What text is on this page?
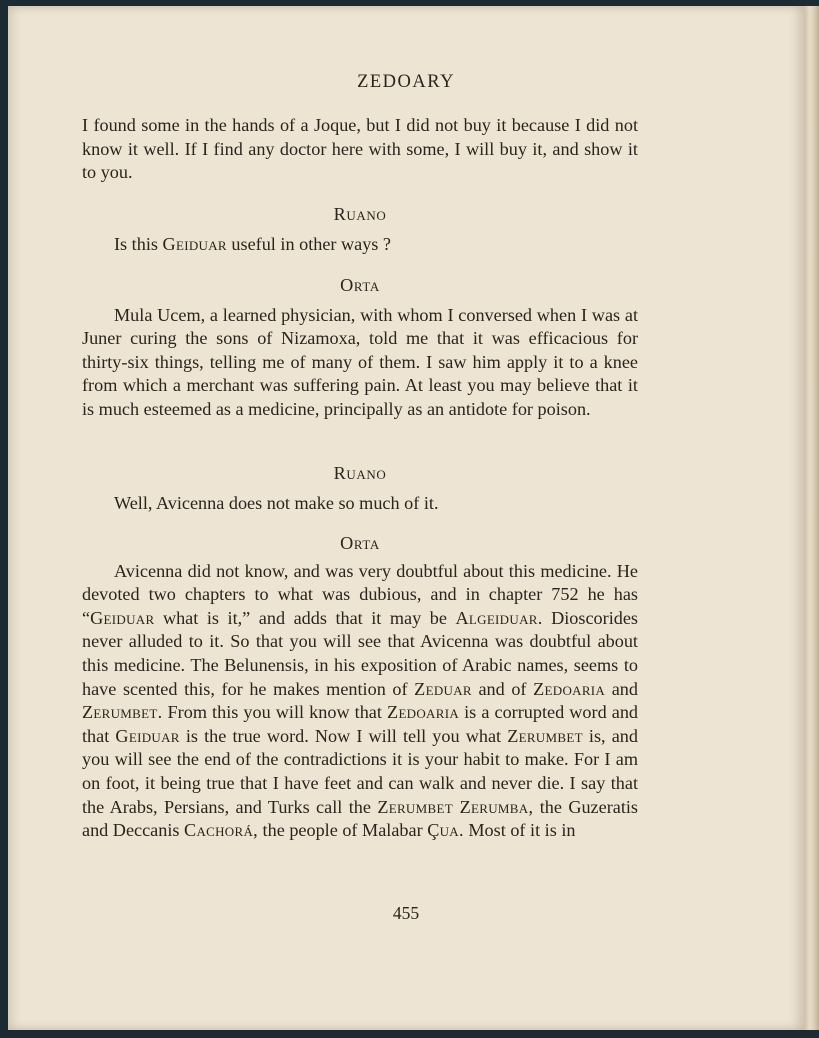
ZEDOARY

I found some in the hands of a Joque, but I did not buy it because I did not know it well. If I find any doctor here with some, I will buy it, and show it to you.

Ruano

Is this Geiduar useful in other ways ?

Orta

Mula Ucem, a learned physician, with whom I conversed when I was at Juner curing the sons of Nizamoxa, told me that it was efficacious for thirty-six things, telling me of many of them. I saw him apply it to a knee from which a merchant was suffering pain. At least you may believe that it is much esteemed as a medicine, principally as an antidote for poison.

Ruano

Well, Avicenna does not make so much of it.

Orta

Avicenna did not know, and was very doubtful about this medicine. He devoted two chapters to what was dubious, and in chapter 752 he has “Geiduar what is it,” and adds that it may be Algeiduar. Dioscorides never alluded to it. So that you will see that Avicenna was doubtful about this medicine. The Belunensis, in his exposition of Arabic names, seems to have scented this, for he makes mention of Zeduar and of Zedoaria and Zerumbet. From this you will know that Zedoaria is a corrupted word and that Geiduar is the true word. Now I will tell you what Zerumbet is, and you will see the end of the contradictions it is your habit to make. For I am on foot, it being true that I have feet and can walk and never die. I say that the Arabs, Persians, and Turks call the Zerumbet Zerumba, the Guzeratis and Deccanis Cachorá, the people of Malabar Çua. Most of it is in

455
